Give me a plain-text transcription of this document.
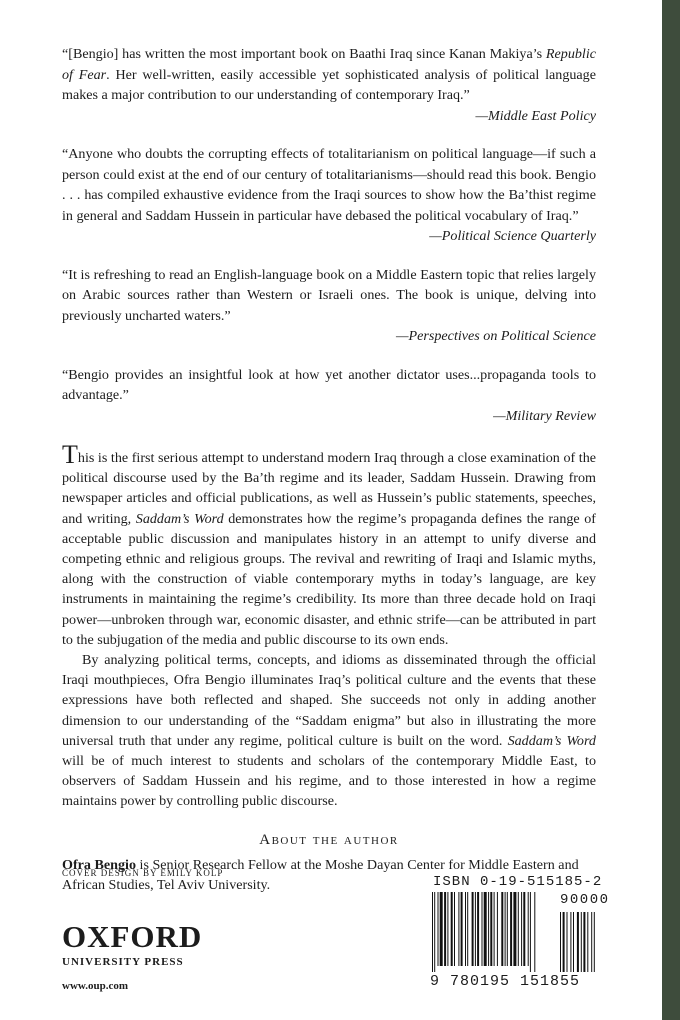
“[Bengio] has written the most important book on Baathi Iraq since Kanan Makiya’s Republic of Fear. Her well-written, easily accessible yet sophisticated analysis of political language makes a major contribution to our understanding of contemporary Iraq.”
—Middle East Policy

“Anyone who doubts the corrupting effects of totalitarianism on political language—if such a person could exist at the end of our century of totalitarianisms—should read this book. Bengio . . . has compiled exhaustive evidence from the Iraqi sources to show how the Ba’thist regime in general and Saddam Hussein in particular have debased the political vocabulary of Iraq.”
—Political Science Quarterly

“It is refreshing to read an English-language book on a Middle Eastern topic that relies largely on Arabic sources rather than Western or Israeli ones. The book is unique, delving into previously uncharted waters.”
—Perspectives on Political Science

“Bengio provides an insightful look at how yet another dictator uses...propaganda tools to advantage.”
—Military Review

This is the first serious attempt to understand modern Iraq through a close examination of the political discourse used by the Ba’th regime and its leader, Saddam Hussein. Drawing from newspaper articles and official publications, as well as Hussein’s public statements, speeches, and writing, Saddam’s Word demonstrates how the regime’s propaganda defines the range of acceptable public discussion and manipulates history in an attempt to unify diverse and competing ethnic and religious groups. The revival and rewriting of Iraqi and Islamic myths, along with the construction of viable contemporary myths in today’s language, are key instruments in maintaining the regime’s credibility. Its more than three decade hold on Iraqi power—unbroken through war, economic disaster, and ethnic strife—can be attributed in part to the subjugation of the media and public discourse to its own ends.

By analyzing political terms, concepts, and idioms as disseminated through the official Iraqi mouthpieces, Ofra Bengio illuminates Iraq’s political culture and the events that these expressions have both reflected and shaped. She succeeds not only in adding another dimension to our understanding of the “Saddam enigma” but also in illustrating the more universal truth that under any regime, political culture is built on the word. Saddam’s Word will be of much interest to students and scholars of the contemporary Middle East, to observers of Saddam Hussein and his regime, and to those interested in how a regime maintains power by controlling public discourse.

About the author
Ofra Bengio is Senior Research Fellow at the Moshe Dayan Center for Middle Eastern and African Studies, Tel Aviv University.
COVER DESIGN BY EMILY KOLP
OXFORD
UNIVERSITY PRESS
www.oup.com
ISBN 0-19-515185-2
90000
9 780195 151855
